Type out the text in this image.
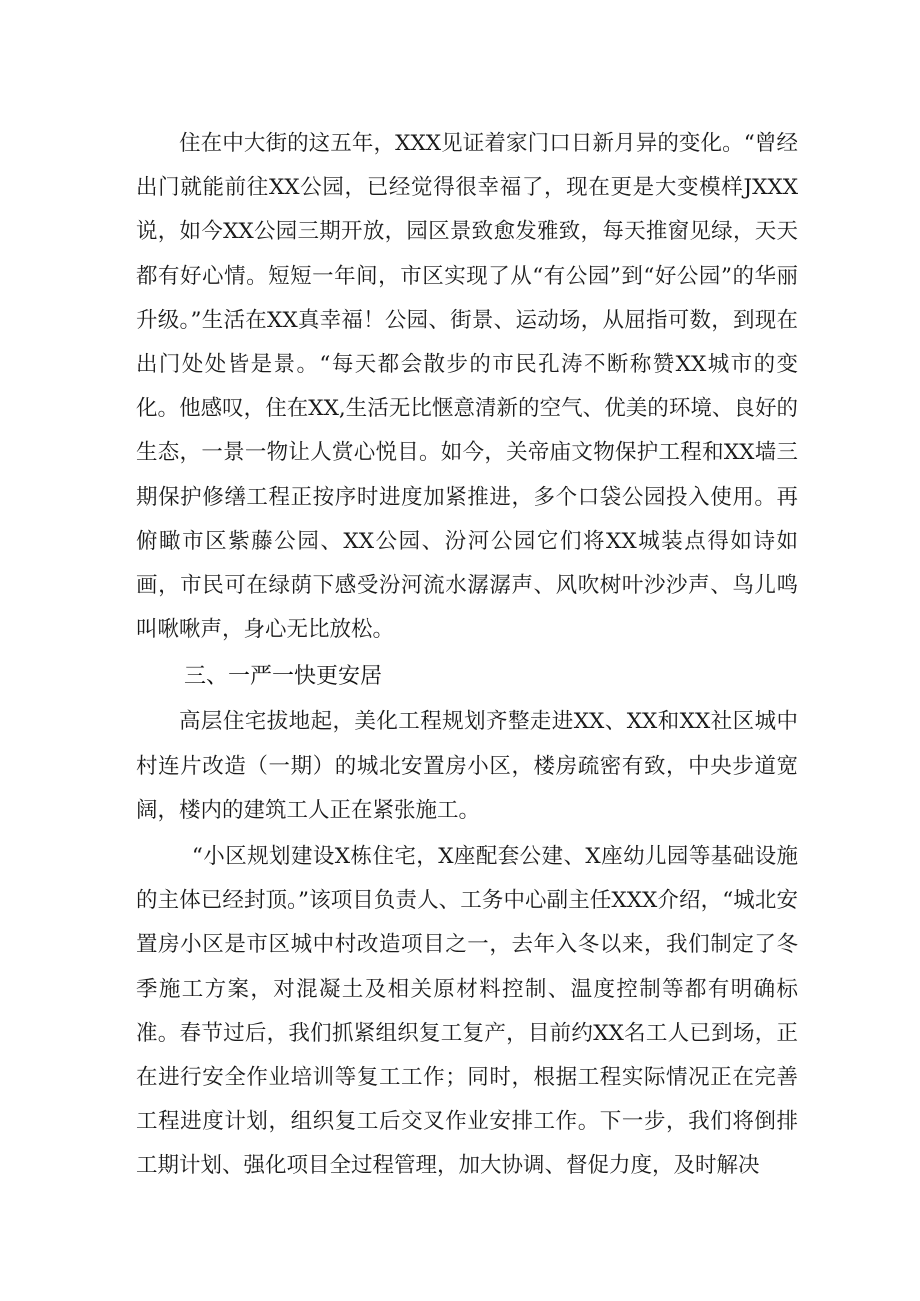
住在中大街的这五年，XXX见证着家门口日新月异的变化。“曾经出门就能前往XX公园，已经觉得很幸福了，现在更是大变模样JXXX说，如今XX公园三期开放，园区景致愈发雅致，每天推窗见绿，天天都有好心情。短短一年间，市区实现了从“有公园”到“好公园”的华丽升级。”生活在XX真幸福！公园、街景、运动场，从屈指可数，到现在出门处处皆是景。“每天都会散步的市民孔涛不断称赞XX城市的变化。他感叹，住在XX,生活无比惬意清新的空气、优美的环境、良好的生态，一景一物让人赏心悦目。如今，关帝庙文物保护工程和XX墙三期保护修缮工程正按序时进度加紧推进，多个口袋公园投入使用。再俯瞰市区紫藤公园、XX公园、汾河公园它们将XX城装点得如诗如画，市民可在绿荫下感受汾河流水潺潺声、风吹树叶沙沙声、鸟儿鸣叫啾啾声，身心无比放松。

三、一严一快更安居

高层住宅拔地起，美化工程规划齐整走进XX、XX和XX社区城中村连片改造（一期）的城北安置房小区，楼房疏密有致，中央步道宽阔，楼内的建筑工人正在紧张施工。

“小区规划建设X栋住宅，X座配套公建、X座幼儿园等基础设施的主体已经封顶。”该项目负责人、工务中心副主任XXX介绍，“城北安置房小区是市区城中村改造项目之一，去年入冬以来，我们制定了冬季施工方案，对混凝土及相关原材料控制、温度控制等都有明确标准。春节过后，我们抓紧组织复工复产，目前约XX名工人已到场，正在进行安全作业培训等复工工作；同时，根据工程实际情况正在完善工程进度计划，组织复工后交叉作业安排工作。下一步，我们将倒排工期计划、强化项目全过程管理，加大协调、督促力度，及时解决
